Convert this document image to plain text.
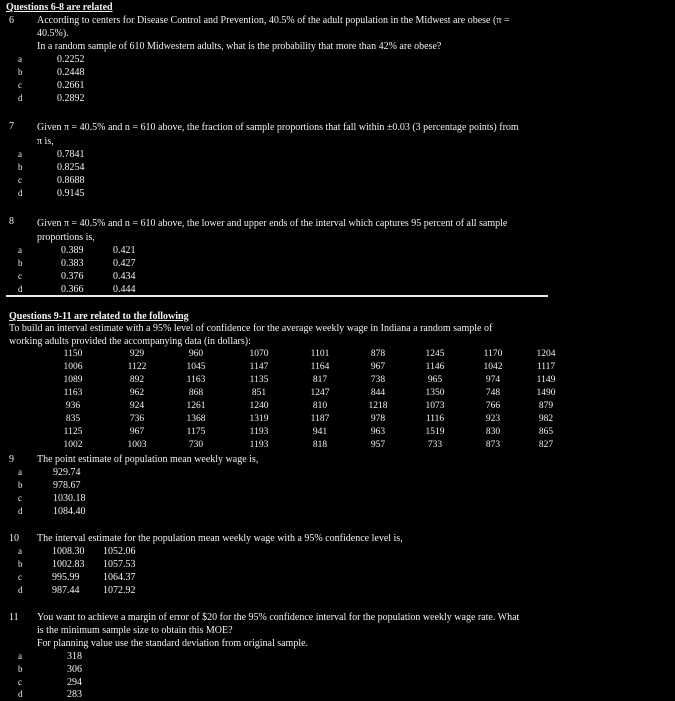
Questions 6-8 are related
6 According to centers for Disease Control and Prevention, 40.5% of the adult population in the Midwest are obese (π =
40.5%).
In a random sample of 610 Midwestern adults, what is the probability that more than 42% are obese?
a	0.2252
b	0.2448
c	0.2661
d	0.2892
7 Given π = 40.5% and n = 610 above, the fraction of sample proportions that fall within ±0.03 (3 percentage points) from
π is,
a	0.7841
b	0.8254
c	0.8688
d	0.9145
8 Given π = 40.5% and n = 610 above, the lower and upper ends of the interval which captures 95 percent of all sample
proportions is,
a	0.389	0.421
b	0.383	0.427
c	0.376	0.434
d	0.366	0.444
Questions 9-11 are related to the following
To build an interval estimate with a 95% level of confidence for the average weekly wage in Indiana a random sample of
working adults provided the accompanying data (in dollars):
1150	929	960	1070	1101	878	1245	1170	1204
1006	1122	1045	1147	1164	967	1146	1042	1117
1089	892	1163	1135	817	738	965	974	1149
1163	962	868	851	1247	844	1350	748	1490
936	924	1261	1240	810	1218	1073	766	879
835	736	1368	1319	1187	978	1116	923	982
1125	967	1175	1193	941	963	1519	830	865
1002	1003	730	1193	818	957	733	873	827
9 The point estimate of population mean weekly wage is,
a	929.74
b	978.67
c	1030.18
d	1084.40
10 The interval estimate for the population mean weekly wage with a 95% confidence level is,
a	1008.30 1052.06
b	1002.83 1057.53
c	995.99 1064.37
d	987.44 1072.92
11 You want to achieve a margin of error of $20 for the 95% confidence interval for the population weekly wage rate. What
is the minimum sample size to obtain this MOE?
For planning value use the standard deviation from original sample.
a	318
b	306
c	294
d	283
